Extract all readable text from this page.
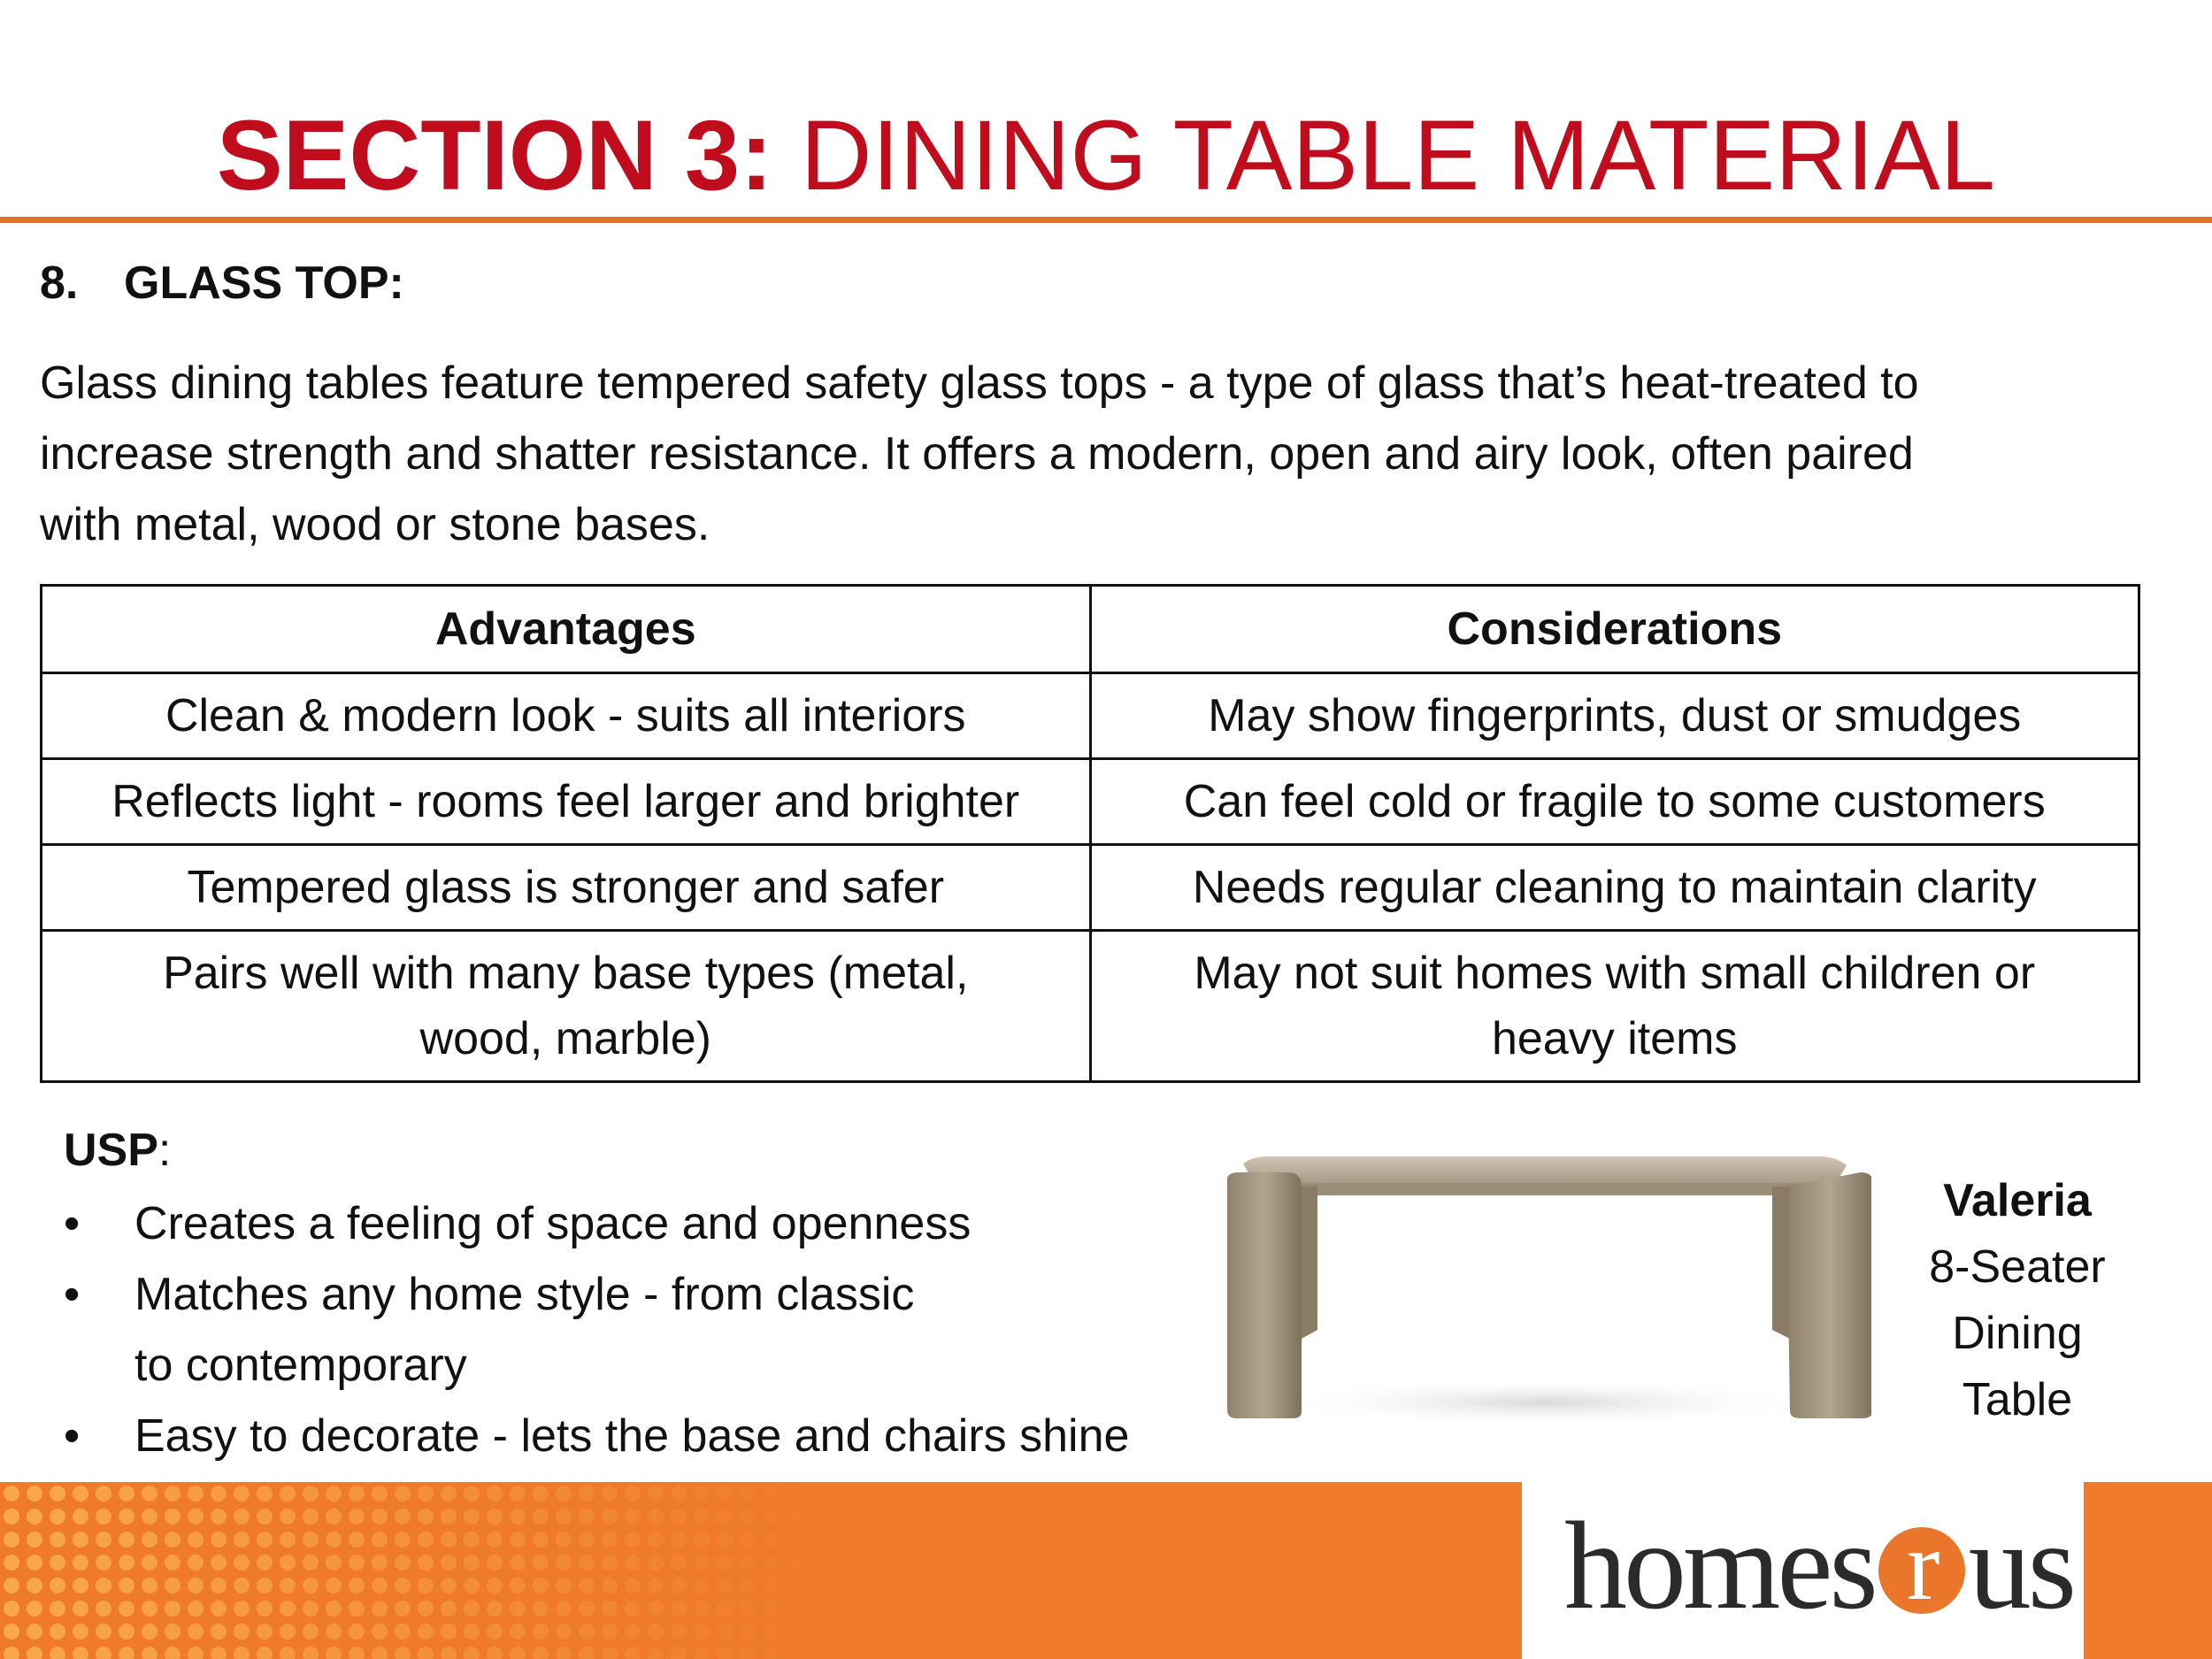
SECTION 3: DINING TABLE MATERIAL
8. GLASS TOP:
Glass dining tables feature tempered safety glass tops - a type of glass that’s heat-treated to
increase strength and shatter resistance. It offers a modern, open and airy look, often paired
with metal, wood or stone bases.
Advantages	Considerations
Clean & modern look - suits all interiors	May show fingerprints, dust or smudges
Reflects light - rooms feel larger and brighter	Can feel cold or fragile to some customers
Tempered glass is stronger and safer	Needs regular cleaning to maintain clarity
Pairs well with many base types (metal,
wood, marble)	May not suit homes with small children or
heavy items
USP:
• Creates a feeling of space and openness
• Matches any home style - from classic
to contemporary
• Easy to decorate - lets the base and chairs shine
Valeria
8-Seater
Dining
Table
homes r us
